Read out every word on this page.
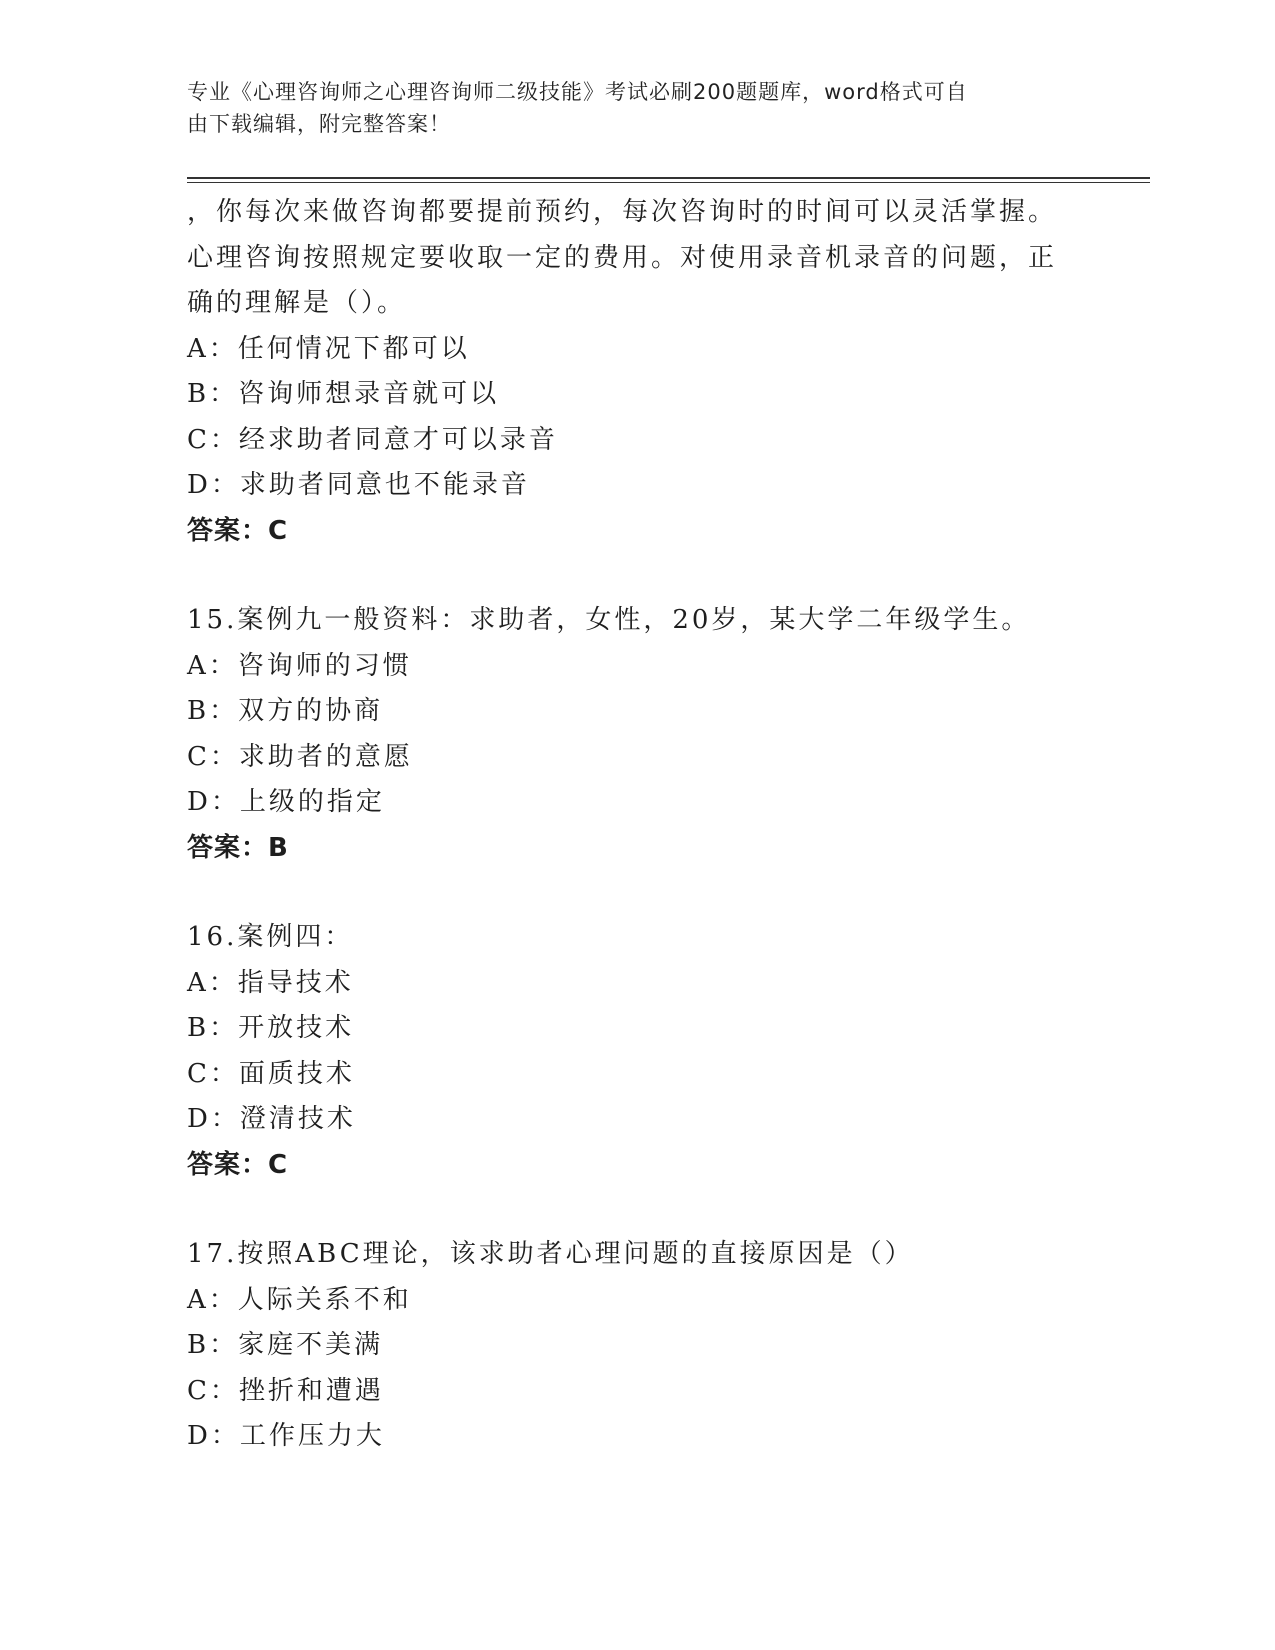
专业《心理咨询师之心理咨询师二级技能》考试必刷200题题库，word格式可自
由下载编辑，附完整答案！
，你每次来做咨询都要提前预约，每次咨询时的时间可以灵活掌握。
心理咨询按照规定要收取一定的费用。对使用录音机录音的问题，正
确的理解是（）。
A：任何情况下都可以
B：咨询师想录音就可以
C：经求助者同意才可以录音
D：求助者同意也不能录音
答案：C
15.案例九一般资料：求助者，女性，20岁，某大学二年级学生。
A：咨询师的习惯
B：双方的协商
C：求助者的意愿
D：上级的指定
答案：B
16.案例四：
A：指导技术
B：开放技术
C：面质技术
D：澄清技术
答案：C
17.按照ABC理论，该求助者心理问题的直接原因是（）
A：人际关系不和
B：家庭不美满
C：挫折和遭遇
D：工作压力大
